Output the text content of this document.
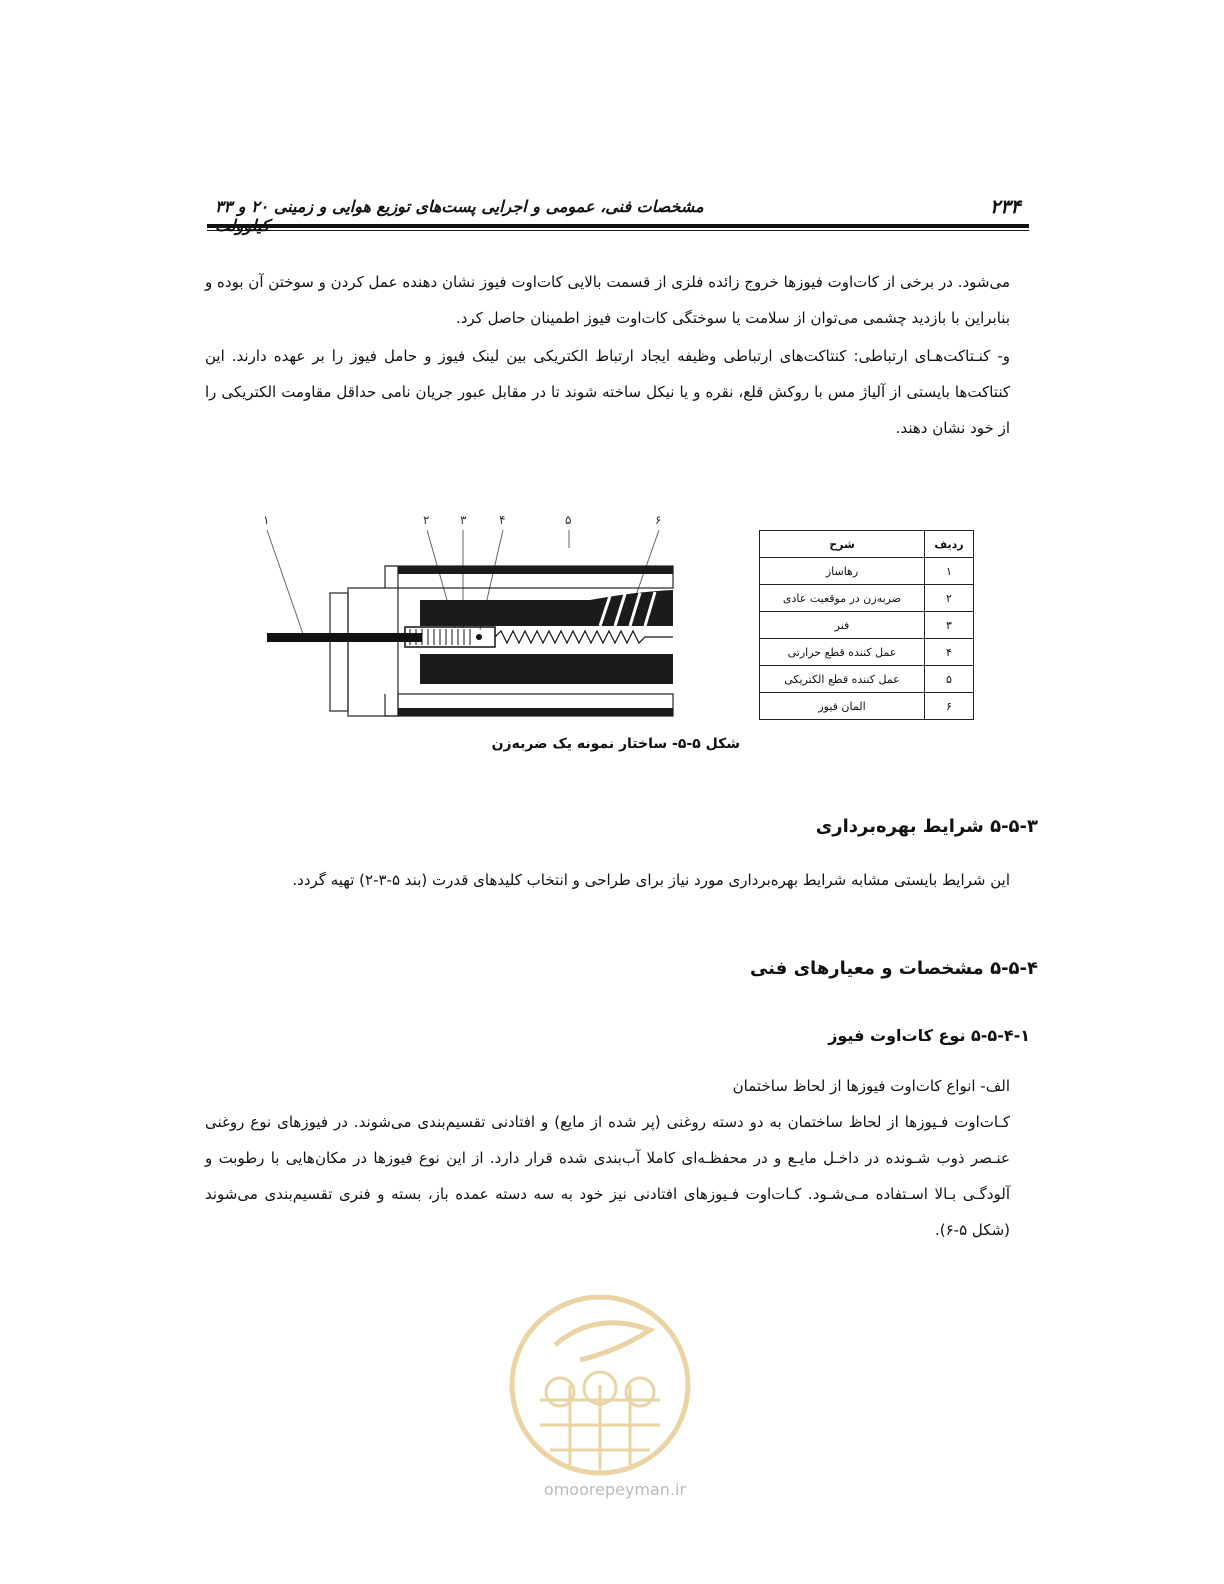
۲۳۴
مشخصات فنی، عمومی و اجرایی پست‌های توزیع هوایی و زمینی ۲۰ و ۳۳
می‌شود. در برخی از کات‌اوت فیوزها خروج زائده فلزی از قسمت بالایی کات‌اوت فیوز نشان دهنده عمل کردن و سوختن آن بوده و بنابراین با بازدید چشمی می‌توان از سلامت یا سوختگی کات‌اوت فیوز اطمینان حاصل کرد.
و- کنـتاکت‌هـای ارتباطی: کنتاکت‌های ارتباطی وظیفه ایجاد ارتباط الکتریکی بین لینک فیوز و حامل فیوز را بر عهده دارند. این کنتاکت‌ها بایستی از آلیاژ مس با روکش قلع، نقره و یا نیکل ساخته شوند تا در مقابل عبور جریان نامی حداقل مقاومت الکتریکی را از خود نشان دهند.
۱	۲	۳	۴	۵	۶
ردیف	شرح
۱	رهاساز
۲	ضربه‌زن در موقعیت عادی
۳	فنر
۴	عمل کننده قطع حرارتی
۵	عمل کننده قطع الکتریکی
۶	المان فیوز
شکل ۵-۵- ساختار نمونه یک ضربه‌زن
۵-۵-۳ شرایط بهره‌برداری
این شرایط بایستی مشابه شرایط بهره‌برداری مورد نیاز برای طراحی و انتخاب کلیدهای قدرت (بند ۵-۳-۲) تهیه گردد.
۵-۵-۴ مشخصات و معیارهای فنی
۵-۵-۴-۱ نوع کات‌اوت فیوز
الف- انواع کات‌اوت فیوزها از لحاظ ساختمان
کـات‌اوت فـیوزها از لحاظ ساختمان به دو دسته روغنی (پر شده از مایع) و افتادنی تقسیم‌بندی می‌شوند. در فیوزهای نوع روغنی عنـصر ذوب شـونده در داخـل مایـع و در محفظـه‌ای کاملا آب‌بندی شده قرار دارد. از این نوع فیوزها در مکان‌هایی با رطوبت و آلودگـی بـالا اسـتفاده مـی‌شـود. کـات‌اوت فـیوزهای افتادنی نیز خود به سه دسته عمده باز، بسته و فنری تقسیم‌بندی می‌شوند (شکل ۵-۶).
omoorepeyman.ir
